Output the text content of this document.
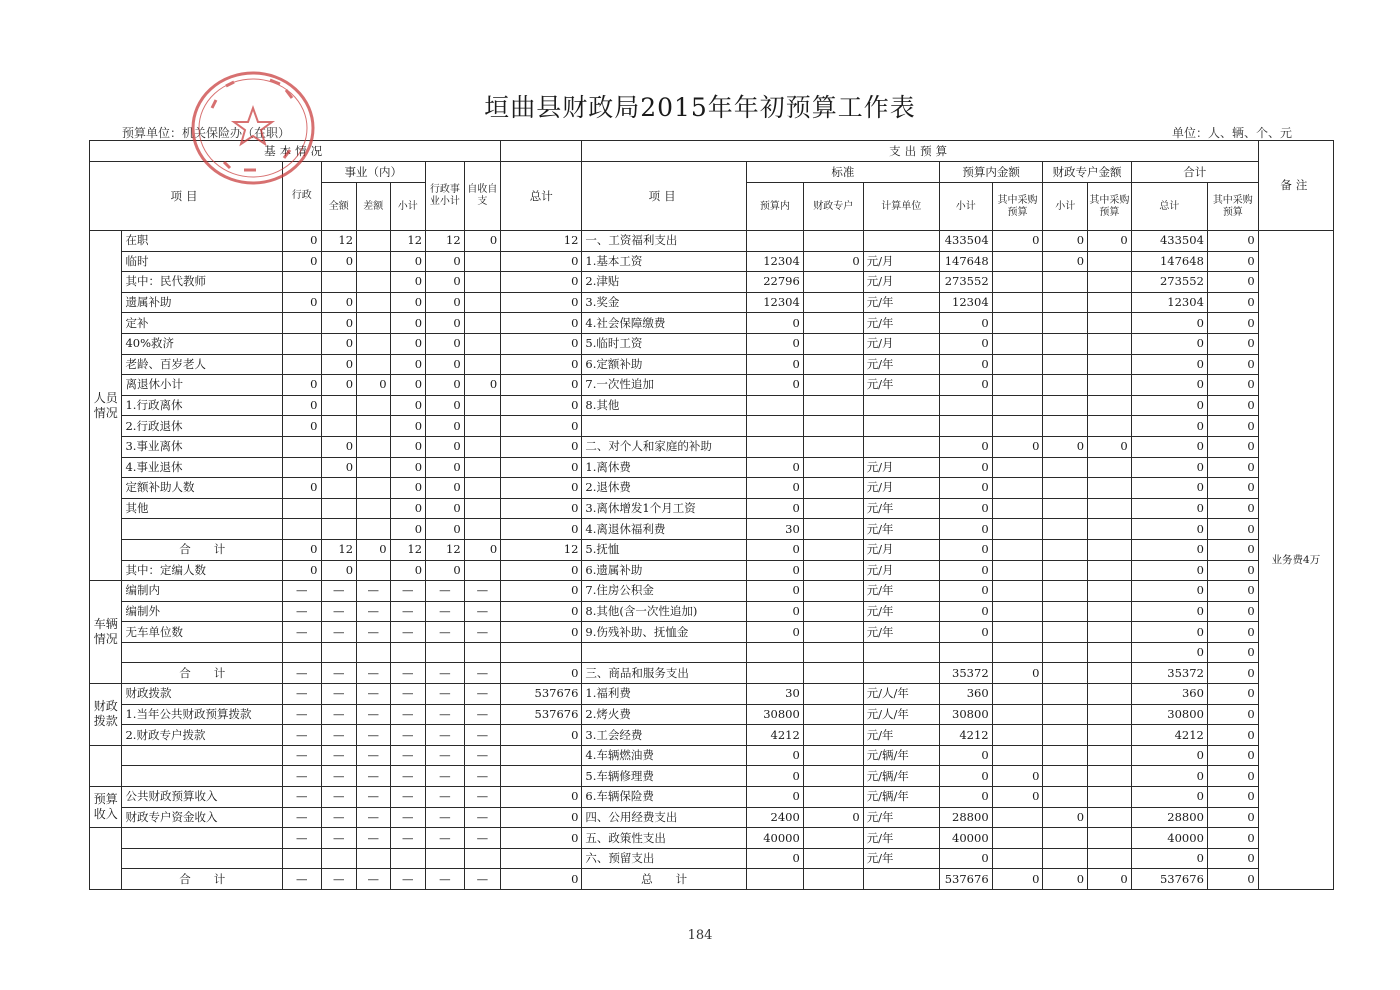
垣曲县财政局2015年年初预算工作表
预算单位：机关保险办（在职）	单位：人、辆、个、元
基本情况									支出预算										备注
项目		行政	事业（内）			行政事业小计	自收自支	总计	项目	标准			预算内金额		财政专户金额		合计		
			全额	差额	小计					预算内	财政专户	计算单位	小计	其中采购预算	小计	其中采购预算	总计	其中采购预算	
人员情况	在职	0	12		12	12	0	12	一、工资福利支出				433504	0	0	0	433504	0	业务费4万
	临时	0	0		0	0		0	1.基本工资	12304	0	元/月	147648		0		147648	0	
	其中：民代教师				0	0		0	2.津贴	22796		元/月	273552				273552	0	
	遗属补助	0	0		0	0		0	3.奖金	12304		元/年	12304				12304	0	
	定补		0		0	0		0	4.社会保障缴费	0		元/年	0				0	0	
	40%救济		0		0	0		0	5.临时工资	0		元/月	0				0	0	
	老龄、百岁老人		0		0	0		0	6.定额补助	0		元/年	0				0	0	
	离退休小计	0	0	0	0	0	0	0	7.一次性追加	0		元/年	0				0	0	
	1.行政离休	0			0	0		0	8.其他								0	0	
	2.行政退休	0			0	0		0									0	0	
	3.事业离休		0		0	0		0	二、对个人和家庭的补助				0	0	0	0	0	0	
	4.事业退休		0		0	0		0	1.离休费	0		元/月	0				0	0	
	定额补助人数	0			0	0		0	2.退休费	0		元/月	0				0	0	
	其他				0	0		0	3.离休增发1个月工资	0		元/年	0				0	0	
					0	0		0	4.离退休福利费	30		元/年	0				0	0	
	合　　计	0	12	0	12	12	0	12	5.抚恤	0		元/月	0				0	0	
	其中：定编人数	0	0		0	0		0	6.遗属补助	0		元/月	0				0	0	
车辆情况	编制内	—	—	—	—	—	—	0	7.住房公积金	0		元/年	0				0	0	
	编制外	—	—	—	—	—	—	0	8.其他(含一次性追加)	0		元/年	0				0	0	
	无车单位数	—	—	—	—	—	—	0	9.伤残补助、抚恤金	0		元/年	0				0	0	
																	0	0	
	合　　计	—	—	—	—	—	—	0	三、商品和服务支出				35372	0			35372	0	
财政拨款	财政拨款	—	—	—	—	—	—	537676	1.福利费	30		元/人/年	360				360	0	
	1.当年公共财政预算拨款	—	—	—	—	—	—	537676	2.烤火费	30800		元/人/年	30800				30800	0	
	2.财政专户拨款	—	—	—	—	—	—	0	3.工会经费	4212		元/年	4212				4212	0	
		—	—	—	—	—	—		4.车辆燃油费	0		元/辆/年	0				0	0	
		—	—	—	—	—	—		5.车辆修理费	0		元/辆/年	0	0			0	0	
预算收入	公共财政预算收入	—	—	—	—	—	—	0	6.车辆保险费	0		元/辆/年	0	0			0	0	
	财政专户资金收入	—	—	—	—	—	—	0	四、公用经费支出	2400	0	元/年	28800		0		28800	0	
		—	—	—	—	—	—	0	五、政策性支出	40000		元/年	40000				40000	0	
									六、预留支出	0		元/年	0				0	0	
	合　　计	—	—	—	—	—	—	0	总　　计				537676	0	0	0	537676	0	
184
